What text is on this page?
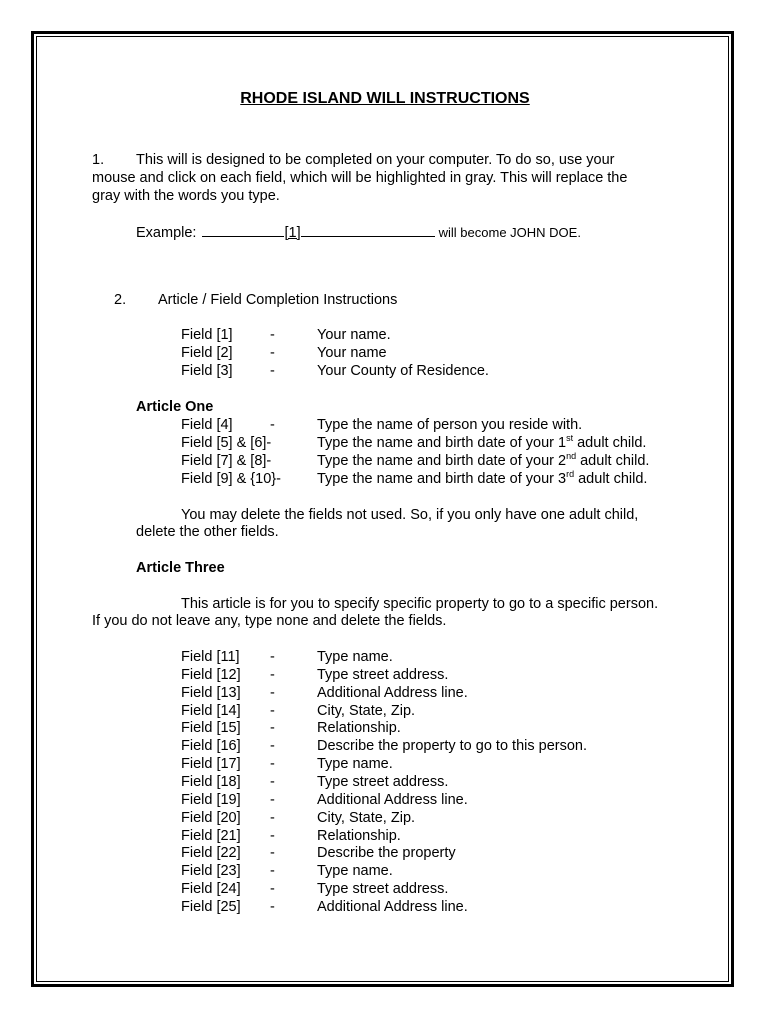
RHODE ISLAND WILL INSTRUCTIONS
1. This will is designed to be completed on your computer. To do so, use your
mouse and click on each field, which will be highlighted in gray. This will replace the
gray with the words you type.
Example:	[1]	will become JOHN DOE.
2. Article / Field Completion Instructions
Field [1]	-	Your name.
Field [2]	-	Your name
Field [3]	-	Your County of Residence.
Article One
Field [4]	-	Type the name of person you reside with.
Field [5] & [6]-	Type the name and birth date of your 1st adult child.
Field [7] & [8]-	Type the name and birth date of your 2nd adult child.
Field [9] & {10}- Type the name and birth date of your 3rd adult child.
You may delete the fields not used. So, if you only have one adult child,
delete the other fields.
Article Three
This article is for you to specify specific property to go to a specific person.
If you do not leave any, type none and delete the fields.
Field [11] -	Type name.
Field [12] -	Type street address.
Field [13] -	Additional Address line.
Field [14] -	City, State, Zip.
Field [15] -	Relationship.
Field [16] -	Describe the property to go to this person.
Field [17] -	Type name.
Field [18] -	Type street address.
Field [19] -	Additional Address line.
Field [20] -	City, State, Zip.
Field [21] -	Relationship.
Field [22] -	Describe the property
Field [23] -	Type name.
Field [24] -	Type street address.
Field [25] -	Additional Address line.
